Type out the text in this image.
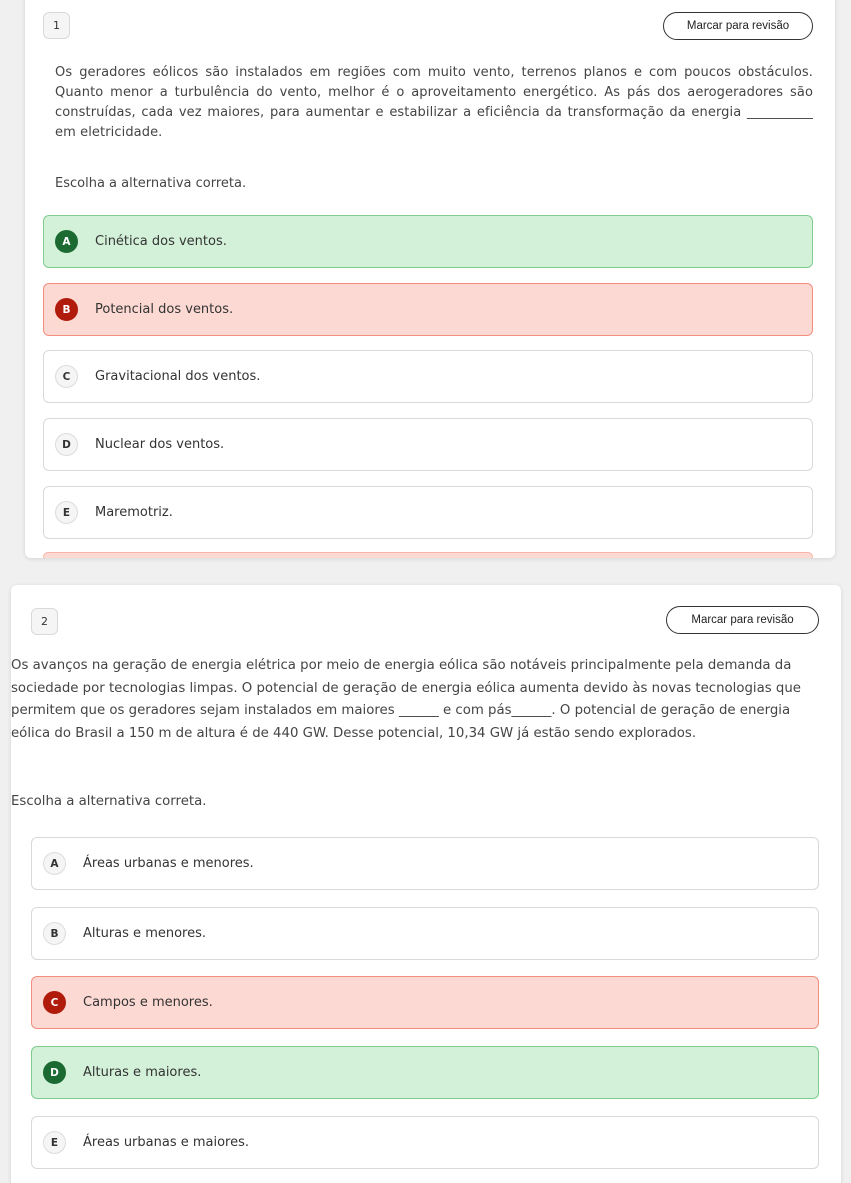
1	Marcar para revisão
Os geradores eólicos são instalados em regiões com muito vento, terrenos planos e com poucos obstáculos. Quanto menor a turbulência do vento, melhor é o aproveitamento energético. As pás dos aerogeradores são construídas, cada vez maiores, para aumentar e estabilizar a eficiência da transformação da energia __________ em eletricidade.
Escolha a alternativa correta.
A	Cinética dos ventos.
B	Potencial dos ventos.
C	Gravitacional dos ventos.
D	Nuclear dos ventos.
E	Maremotriz.
2	Marcar para revisão
Os avanços na geração de energia elétrica por meio de energia eólica são notáveis principalmente pela demanda da sociedade por tecnologias limpas. O potencial de geração de energia eólica aumenta devido às novas tecnologias que permitem que os geradores sejam instalados em maiores ______ e com pás______. O potencial de geração de energia eólica do Brasil a 150 m de altura é de 440 GW. Desse potencial, 10,34 GW já estão sendo explorados.
Escolha a alternativa correta.
A	Áreas urbanas e menores.
B	Alturas e menores.
C	Campos e menores.
D	Alturas e maiores.
E	Áreas urbanas e maiores.
